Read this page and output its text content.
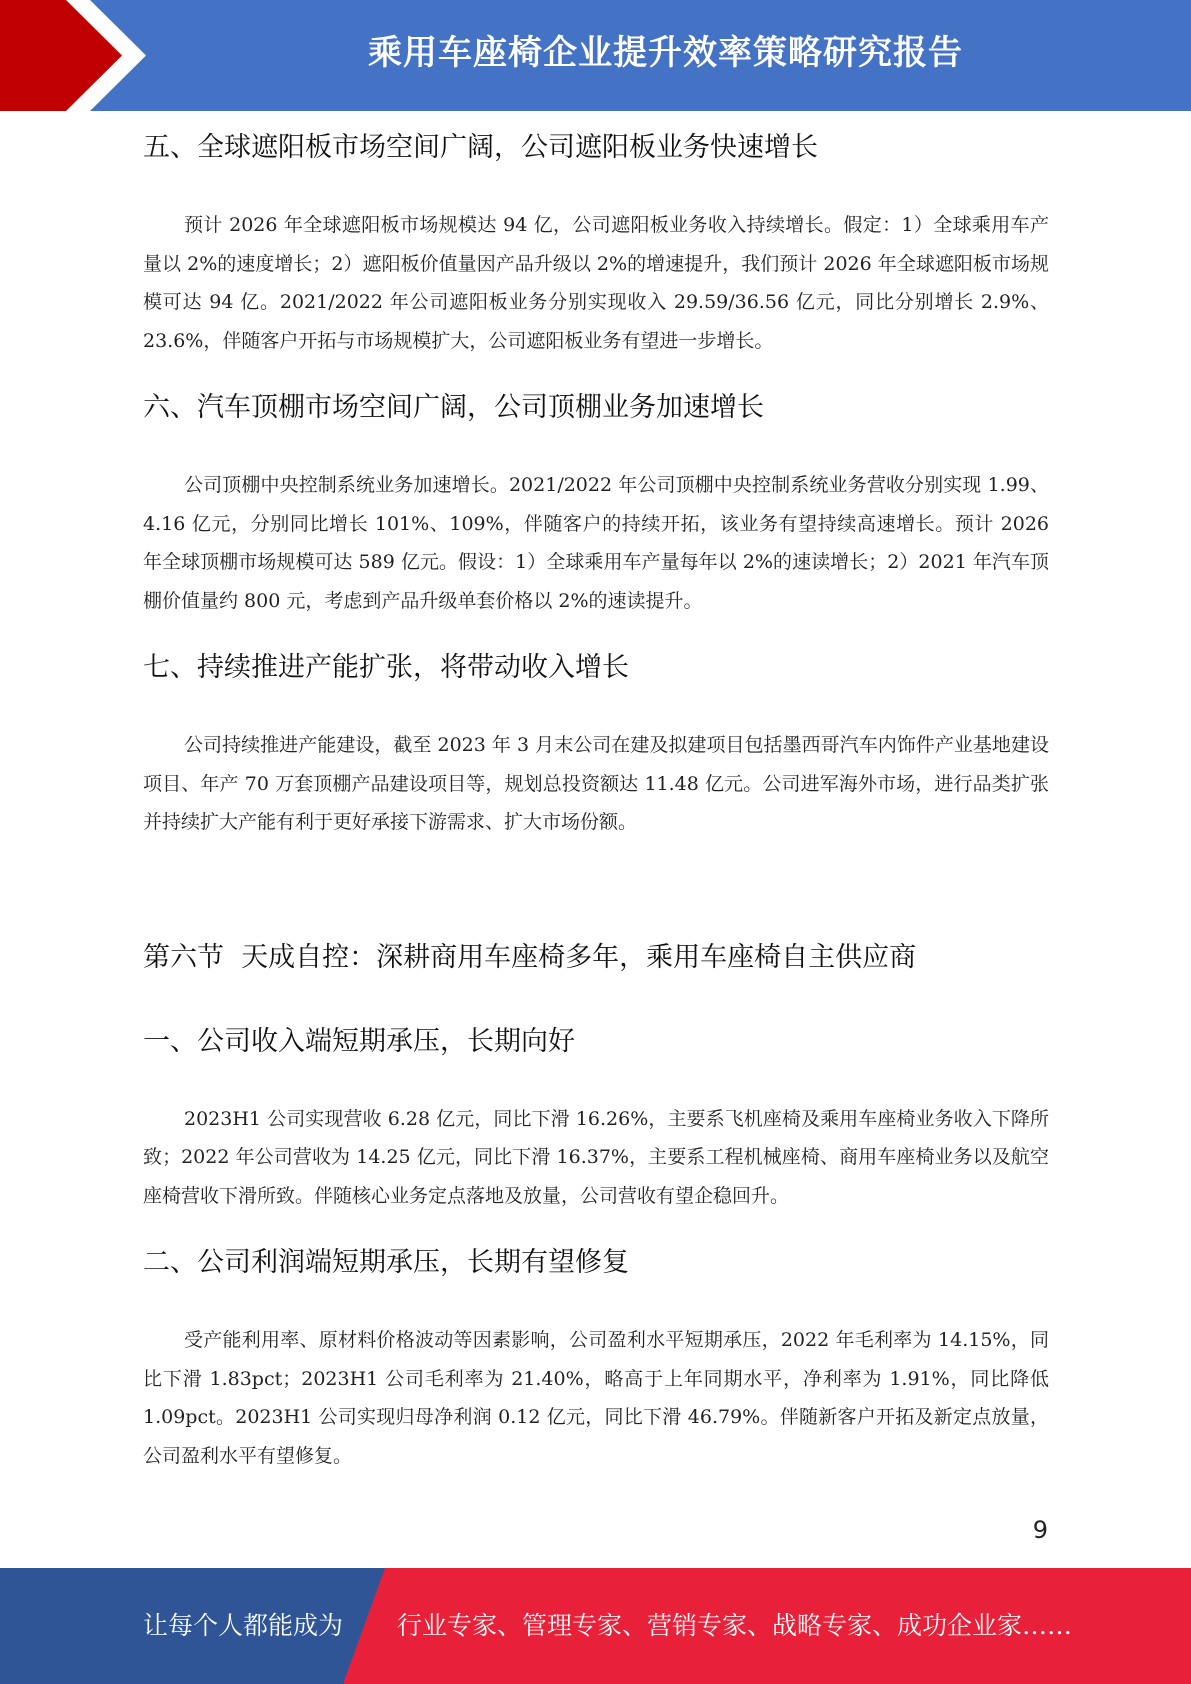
乘用车座椅企业提升效率策略研究报告
五、全球遮阳板市场空间广阔，公司遮阳板业务快速增长

预计 2026 年全球遮阳板市场规模达 94 亿，公司遮阳板业务收入持续增长。假定：1）全球乘用车产量以 2%的速度增长；2）遮阳板价值量因产品升级以 2%的增速提升，我们预计 2026 年全球遮阳板市场规模可达 94 亿。2021/2022 年公司遮阳板业务分别实现收入 29.59/36.56 亿元，同比分别增长 2.9%、23.6%，伴随客户开拓与市场规模扩大，公司遮阳板业务有望进一步增长。

六、汽车顶棚市场空间广阔，公司顶棚业务加速增长

公司顶棚中央控制系统业务加速增长。2021/2022 年公司顶棚中央控制系统业务营收分别实现 1.99、4.16 亿元，分别同比增长 101%、109%，伴随客户的持续开拓，该业务有望持续高速增长。预计 2026 年全球顶棚市场规模可达 589 亿元。假设：1）全球乘用车产量每年以 2%的速读增长；2）2021 年汽车顶棚价值量约 800 元，考虑到产品升级单套价格以 2%的速读提升。

七、持续推进产能扩张，将带动收入增长

公司持续推进产能建设，截至 2023 年 3 月末公司在建及拟建项目包括墨西哥汽车内饰件产业基地建设项目、年产 70 万套顶棚产品建设项目等，规划总投资额达 11.48 亿元。公司进军海外市场，进行品类扩张并持续扩大产能有利于更好承接下游需求、扩大市场份额。

第六节  天成自控：深耕商用车座椅多年，乘用车座椅自主供应商
一、公司收入端短期承压，长期向好

2023H1 公司实现营收 6.28 亿元，同比下滑 16.26%，主要系飞机座椅及乘用车座椅业务收入下降所致；2022 年公司营收为 14.25 亿元，同比下滑 16.37%，主要系工程机械座椅、商用车座椅业务以及航空座椅营收下滑所致。伴随核心业务定点落地及放量，公司营收有望企稳回升。

二、公司利润端短期承压，长期有望修复

受产能利用率、原材料价格波动等因素影响，公司盈利水平短期承压，2022 年毛利率为 14.15%，同比下滑 1.83pct；2023H1 公司毛利率为 21.40%，略高于上年同期水平，净利率为 1.91%，同比降低 1.09pct。2023H1 公司实现归母净利润 0.12 亿元，同比下滑 46.79%。伴随新客户开拓及新定点放量，公司盈利水平有望修复。

9
让每个人都能成为 行业专家、管理专家、营销专家、战略专家、成功企业家……
